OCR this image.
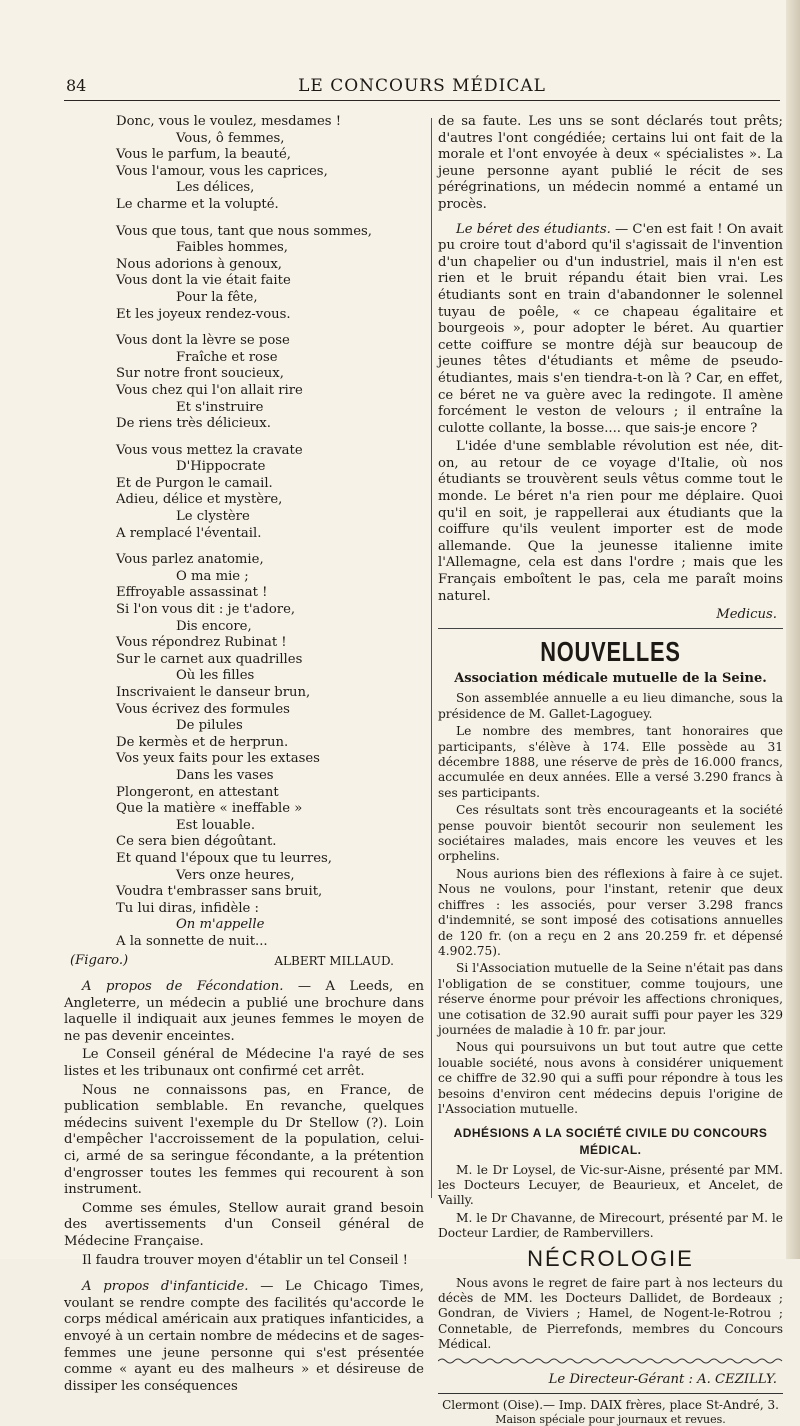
84	LE CONCOURS MÉDICAL
Donc, vous le voulez, mesdames !
Vous, ô femmes,
Vous le parfum, la beauté,
Vous l'amour, vous les caprices,
Les délices,
Le charme et la volupté.
Vous que tous, tant que nous sommes,
Faibles hommes,
Nous adorions à genoux,
Vous dont la vie était faite
Pour la fête,
Et les joyeux rendez-vous.
Vous dont la lèvre se pose
Fraîche et rose
Sur notre front soucieux,
Vous chez qui l'on allait rire
Et s'instruire
De riens très délicieux.
Vous vous mettez la cravate
D'Hippocrate
Et de Purgon le camail.
Adieu, délice et mystère,
Le clystère
A remplacé l'éventail.
Vous parlez anatomie,
O ma mie ;
Effroyable assassinat !
Si l'on vous dit : je t'adore,
Dis encore,
Vous répondrez Rubinat !
Sur le carnet aux quadrilles
Où les filles
Inscrivaient le danseur brun,
Vous écrivez des formules
De pilules
De kermès et de herprun.
Vos yeux faits pour les extases
Dans les vases
Plongeront, en attestant
Que la matière « ineffable »
Est louable.
Ce sera bien dégoûtant.
Et quand l'époux que tu leurres,
Vers onze heures,
Voudra t'embrasser sans bruit,
Tu lui diras, infidèle :
On m'appelle
A la sonnette de nuit...
(Figaro.)	ALBERT MILLAUD.

A propos de Fécondation. — A Leeds, en Angleterre, un médecin a publié une brochure dans laquelle il indiquait aux jeunes femmes le moyen de ne pas devenir enceintes.

Le Conseil général de Médecine l'a rayé de ses listes et les tribunaux ont confirmé cet arrêt.

Nous ne connaissons pas, en France, de publication semblable. En revanche, quelques médecins suivent l'exemple du Dr Stellow (?). Loin d'empêcher l'accroissement de la population, celui-ci, armé de sa seringue fécondante, a la prétention d'engrosser toutes les femmes qui recourent à son instrument.

Comme ses émules, Stellow aurait grand besoin des avertissements d'un Conseil général de Médecine Française.

Il faudra trouver moyen d'établir un tel Conseil !

A propos d'infanticide. — Le Chicago Times, voulant se rendre compte des facilités qu'accorde le corps médical américain aux pratiques infanticides, a envoyé à un certain nombre de médecins et de sages-femmes une jeune personne qui s'est présentée comme « ayant eu des malheurs » et désireuse de dissiper les conséquences

de sa faute. Les uns se sont déclarés tout prêts; d'autres l'ont congédiée; certains lui ont fait de la morale et l'ont envoyée à deux « spécialistes ». La jeune personne ayant publié le récit de ses pérégrinations, un médecin nommé a entamé un procès.

Le béret des étudiants. — C'en est fait ! On avait pu croire tout d'abord qu'il s'agissait de l'invention d'un chapelier ou d'un industriel, mais il n'en est rien et le bruit répandu était bien vrai. Les étudiants sont en train d'abandonner le solennel tuyau de poêle, « ce chapeau égalitaire et bourgeois », pour adopter le béret. Au quartier cette coiffure se montre déjà sur beaucoup de jeunes têtes d'étudiants et même de pseudo-étudiantes, mais s'en tiendra-t-on là ? Car, en effet, ce béret ne va guère avec la redingote. Il amène forcément le veston de velours ; il entraîne la culotte collante, la bosse.... que sais-je encore ?

L'idée d'une semblable révolution est née, dit-on, au retour de ce voyage d'Italie, où nos étudiants se trouvèrent seuls vêtus comme tout le monde. Le béret n'a rien pour me déplaire. Quoi qu'il en soit, je rappellerai aux étudiants que la coiffure qu'ils veulent importer est de mode allemande. Que la jeunesse italienne imite l'Allemagne, cela est dans l'ordre ; mais que les Français emboîtent le pas, cela me paraît moins naturel.

Medicus.
NOUVELLES
Association médicale mutuelle de la Seine.

Son assemblée annuelle a eu lieu dimanche, sous la présidence de M. Gallet-Lagoguey.

Le nombre des membres, tant honoraires que participants, s'élève à 174. Elle possède au 31 décembre 1888, une réserve de près de 16.000 francs, accumulée en deux années. Elle a versé 3.290 francs à ses participants.

Ces résultats sont très encourageants et la société pense pouvoir bientôt secourir non seulement les sociétaires malades, mais encore les veuves et les orphelins.

Nous aurions bien des réflexions à faire à ce sujet. Nous ne voulons, pour l'instant, retenir que deux chiffres : les associés, pour verser 3.298 francs d'indemnité, se sont imposé des cotisations annuelles de 120 fr. (on a reçu en 2 ans 20.259 fr. et dépensé 4.902.75).

Si l'Association mutuelle de la Seine n'était pas dans l'obligation de se constituer, comme toujours, une réserve énorme pour prévoir les affections chroniques, une cotisation de 32.90 aurait suffi pour payer les 329 journées de maladie à 10 fr. par jour.

Nous qui poursuivons un but tout autre que cette louable société, nous avons à considérer uniquement ce chiffre de 32.90 qui a suffi pour répondre à tous les besoins d'environ cent médecins depuis l'origine de l'Association mutuelle.

ADHÉSIONS A LA SOCIÉTÉ CIVILE DU CONCOURS MÉDICAL.

M. le Dr Loysel, de Vic-sur-Aisne, présenté par MM. les Docteurs Lecuyer, de Beaurieux, et Ancelet, de Vailly.

M. le Dr Chavanne, de Mirecourt, présenté par M. le Docteur Lardier, de Rambervillers.

NÉCROLOGIE

Nous avons le regret de faire part à nos lecteurs du décès de MM. les Docteurs Dallidet, de Bordeaux ; Gondran, de Viviers ; Hamel, de Nogent-le-Rotrou ; Connetable, de Pierrefonds, membres du Concours Médical.

Le Directeur-Gérant : A. CEZILLY.
Clermont (Oise).— Imp. DAIX frères, place St-André, 3.
Maison spéciale pour journaux et revues.
